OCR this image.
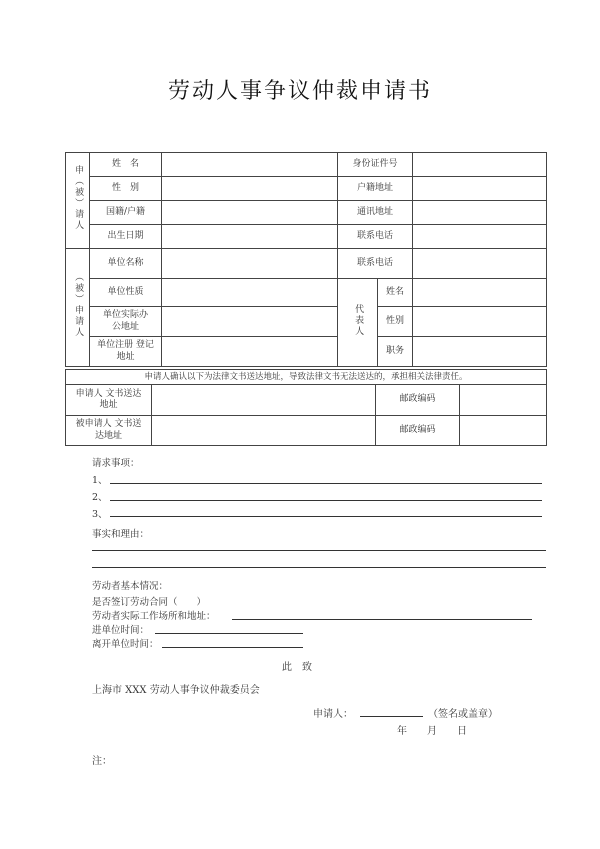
劳动人事争议仲裁申请书
申（被）请人	姓　名		身份证件号		
	性　别		户籍地址		
	国籍/户籍		通讯地址		
	出生日期		联系电话		
（被）申请人	单位名称		联系电话		
	单位性质		代表人	姓名	

	单位实际办公地址			性别	

	单位注册 登记地址			职务	
申请人确认以下为法律文书送达地址，导致法律文书无法送达的，承担相关法律责任。			

申请人 文书送达地址		邮政编码	

被申请人 文书送达地址		邮政编码	
请求事项：
1、
2、
3、
事实和理由：
劳动者基本情况：
是否签订劳动合同（　　）
劳动者实际工作场所和地址：
进单位时间：
离开单位时间：
此　致
上海市 XXX 劳动人事争议仲裁委员会
申请人：	（签名或盖章）
年　　月　　日
注：
